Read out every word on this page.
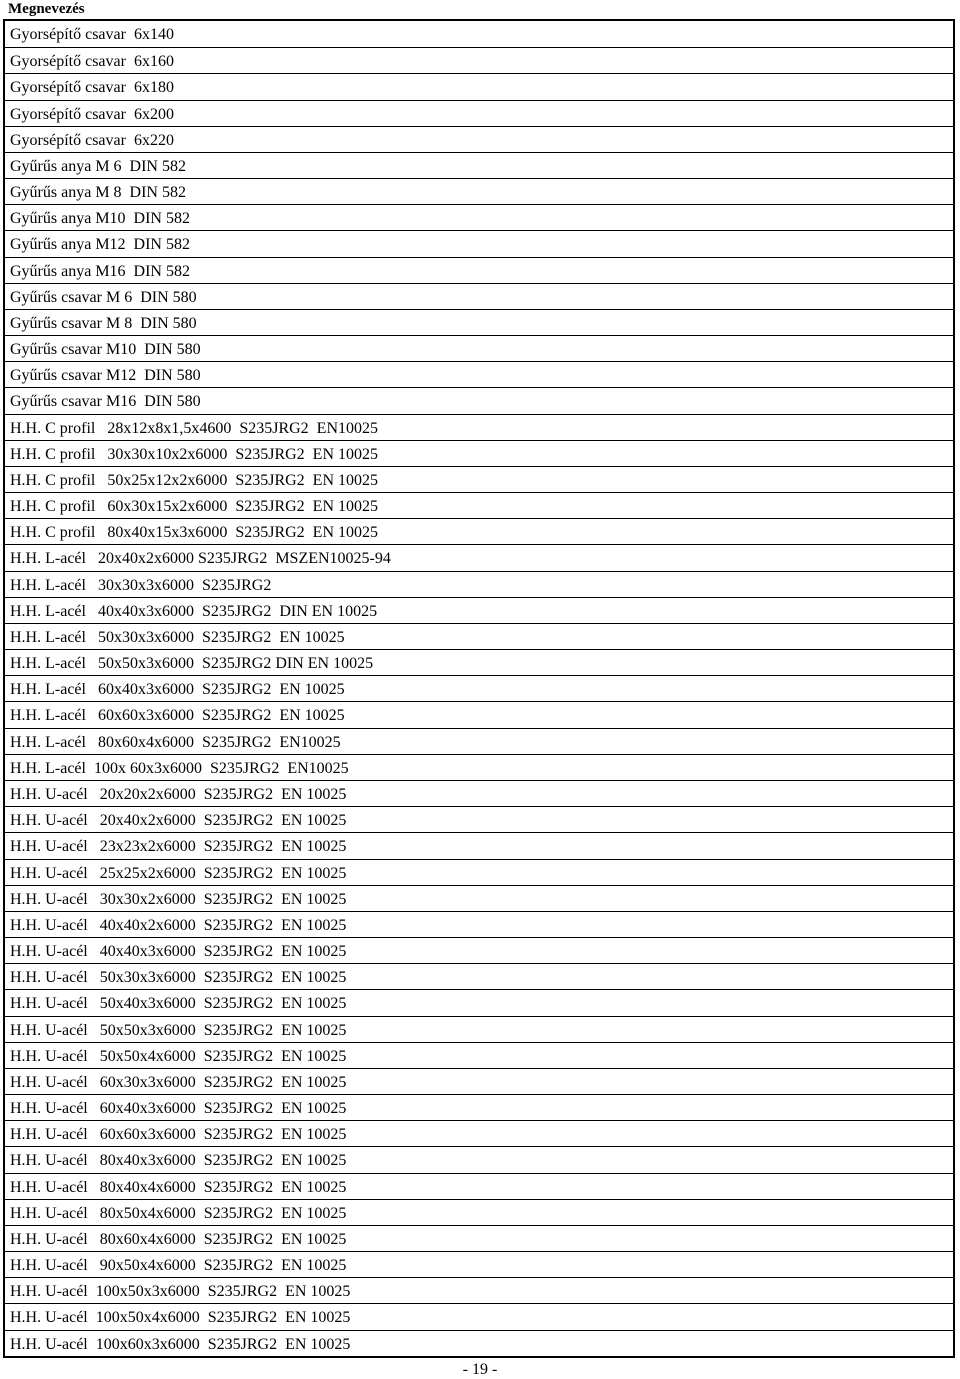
Megnevezés
Gyorsépítő csavar  6x140
Gyorsépítő csavar  6x160
Gyorsépítő csavar  6x180
Gyorsépítő csavar  6x200
Gyorsépítő csavar  6x220
Gyűrűs anya M 6  DIN 582
Gyűrűs anya M 8  DIN 582
Gyűrűs anya M10  DIN 582
Gyűrűs anya M12  DIN 582
Gyűrűs anya M16  DIN 582
Gyűrűs csavar M 6  DIN 580
Gyűrűs csavar M 8  DIN 580
Gyűrűs csavar M10  DIN 580
Gyűrűs csavar M12  DIN 580
Gyűrűs csavar M16  DIN 580
H.H. C profil   28x12x8x1,5x4600  S235JRG2  EN10025
H.H. C profil   30x30x10x2x6000  S235JRG2  EN 10025
H.H. C profil   50x25x12x2x6000  S235JRG2  EN 10025
H.H. C profil   60x30x15x2x6000  S235JRG2  EN 10025
H.H. C profil   80x40x15x3x6000  S235JRG2  EN 10025
H.H. L-acél   20x40x2x6000 S235JRG2  MSZEN10025-94
H.H. L-acél   30x30x3x6000  S235JRG2
H.H. L-acél   40x40x3x6000  S235JRG2  DIN EN 10025
H.H. L-acél   50x30x3x6000  S235JRG2  EN 10025
H.H. L-acél   50x50x3x6000  S235JRG2 DIN EN 10025
H.H. L-acél   60x40x3x6000  S235JRG2  EN 10025
H.H. L-acél   60x60x3x6000  S235JRG2  EN 10025
H.H. L-acél   80x60x4x6000  S235JRG2  EN10025
H.H. L-acél  100x 60x3x6000  S235JRG2  EN10025
H.H. U-acél   20x20x2x6000  S235JRG2  EN 10025
H.H. U-acél   20x40x2x6000  S235JRG2  EN 10025
H.H. U-acél   23x23x2x6000  S235JRG2  EN 10025
H.H. U-acél   25x25x2x6000  S235JRG2  EN 10025
H.H. U-acél   30x30x2x6000  S235JRG2  EN 10025
H.H. U-acél   40x40x2x6000  S235JRG2  EN 10025
H.H. U-acél   40x40x3x6000  S235JRG2  EN 10025
H.H. U-acél   50x30x3x6000  S235JRG2  EN 10025
H.H. U-acél   50x40x3x6000  S235JRG2  EN 10025
H.H. U-acél   50x50x3x6000  S235JRG2  EN 10025
H.H. U-acél   50x50x4x6000  S235JRG2  EN 10025
H.H. U-acél   60x30x3x6000  S235JRG2  EN 10025
H.H. U-acél   60x40x3x6000  S235JRG2  EN 10025
H.H. U-acél   60x60x3x6000  S235JRG2  EN 10025
H.H. U-acél   80x40x3x6000  S235JRG2  EN 10025
H.H. U-acél   80x40x4x6000  S235JRG2  EN 10025
H.H. U-acél   80x50x4x6000  S235JRG2  EN 10025
H.H. U-acél   80x60x4x6000  S235JRG2  EN 10025
H.H. U-acél   90x50x4x6000  S235JRG2  EN 10025
H.H. U-acél  100x50x3x6000  S235JRG2  EN 10025
H.H. U-acél  100x50x4x6000  S235JRG2  EN 10025
H.H. U-acél  100x60x3x6000  S235JRG2  EN 10025
- 19 -
